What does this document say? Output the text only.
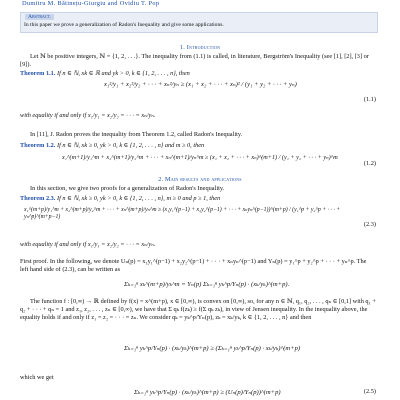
Dumitru M. Bătinețu-Giurgiu and Ovidiu T. Pop
Abstract.
In this paper we prove a generalization of Radon's Inequality and give some applications.
1. Introduction
Let ℕ be positive integers, ℕ = {1, 2, . . .}. The inequality from (1.1) is called, in literature, Bergström's Inequality (see [1], [2], [3] or [9]).
Theorem 1.1. If n ∈ ℕ, xk ∈ ℝ and yk > 0, k ∈ {1, 2, . . . , n}, then
x₁²/y₁ + x₂²/y₂ + · · · + xₙ²/yₙ ≥ (x₁ + x₂ + · · · + xₙ)² / (y₁ + y₂ + · · · + yₙ)
(1.1)
with equality if and only if x₁/y₁ = x₂/y₂ = · · · = xₙ/yₙ.
In [11], J. Radon proves the inequality from Theorem 1.2, called Radon's Inequality.
Theorem 1.2. If n ∈ ℕ, xk ≥ 0, yk > 0, k ∈ {1, 2, . . . , n} and m ≥ 0, then
x₁^(m+1)/y₁^m + x₂^(m+1)/y₂^m + · · · + xₙ^(m+1)/yₙ^m ≥ (x₁ + x₂ + · · · + xₙ)^(m+1) / (y₁ + y₂ + · · · + yₙ)^m
(1.2)
2. Main results and applications
In this section, we give two proofs for a generalization of Radon's Inequality.
Theorem 2.3. If n ∈ ℕ, xk ≥ 0, yk > 0, k ∈ {1, 2, . . . , n}, m ≥ 0 and p ≥ 1, then
x₁^(m+p)/y₁^m + x₂^(m+p)/y₂^m + · · · + xₙ^(m+p)/yₙ^m ≥ (x₁y₁^(p−1) + x₂y₂^(p−1) + · · · + xₙyₙ^(p−1))^(m+p) / (y₁^p + y₂^p + · · · + yₙ^p)^(m+p−1)
(2.3)
with equality if and only if x₁/y₁ = x₂/y₂ = · · · = xₙ/yₙ.
First proof. In the following, we denote Uₙ(p) = x₁y₁^(p−1) + x₂y₂^(p−1) + · · · + xₙyₙ^(p−1) and Yₙ(p) = y₁^p + y₂^p + · · · + yₙ^p. The left hand side of (2.3), can be written as
Σₖ₌₁ⁿ xₖ^(m+p)/yₖ^m = Yₙ(p) Σₖ₌₁ⁿ yₖ^p/Yₙ(p) · (xₖ/yₖ)^(m+p).
The function f : [0,∞) → ℝ defined by f(x) = x^(m+p), x ∈ [0,∞), is convex on [0,∞), so, for any n ∈ ℕ, q₁, q₂, . . . , qₙ ∈ [0,1] with q₁ + q₂ + · · · + qₙ = 1 and z₁, z₂, . . . , zₙ ∈ [0,∞), we have that Σ qₖ f(zₖ) ≥ f(Σ qₖ zₖ), in view of Jensen inequality. In the inequality above, the equality holds if and only if z₁ = z₂ = · · · = zₙ. We consider qₖ = yₖ^p/Yₙ(p), zₖ = xₖ/yₖ, k ∈ {1, 2, . . . , n} and then
Σₖ₌₁ⁿ yₖ^p/Yₙ(p) · (xₖ/yₖ)^(m+p) ≥ (Σₖ₌₁ⁿ yₖ^p/Yₙ(p) · xₖ/yₖ)^(m+p)
which we get
Σₖ₌₁ⁿ yₖ^p/Yₙ(p) · (xₖ/yₖ)^(m+p) ≥ (Uₙ(p)/Yₙ(p))^(m+p)	(2.5)
